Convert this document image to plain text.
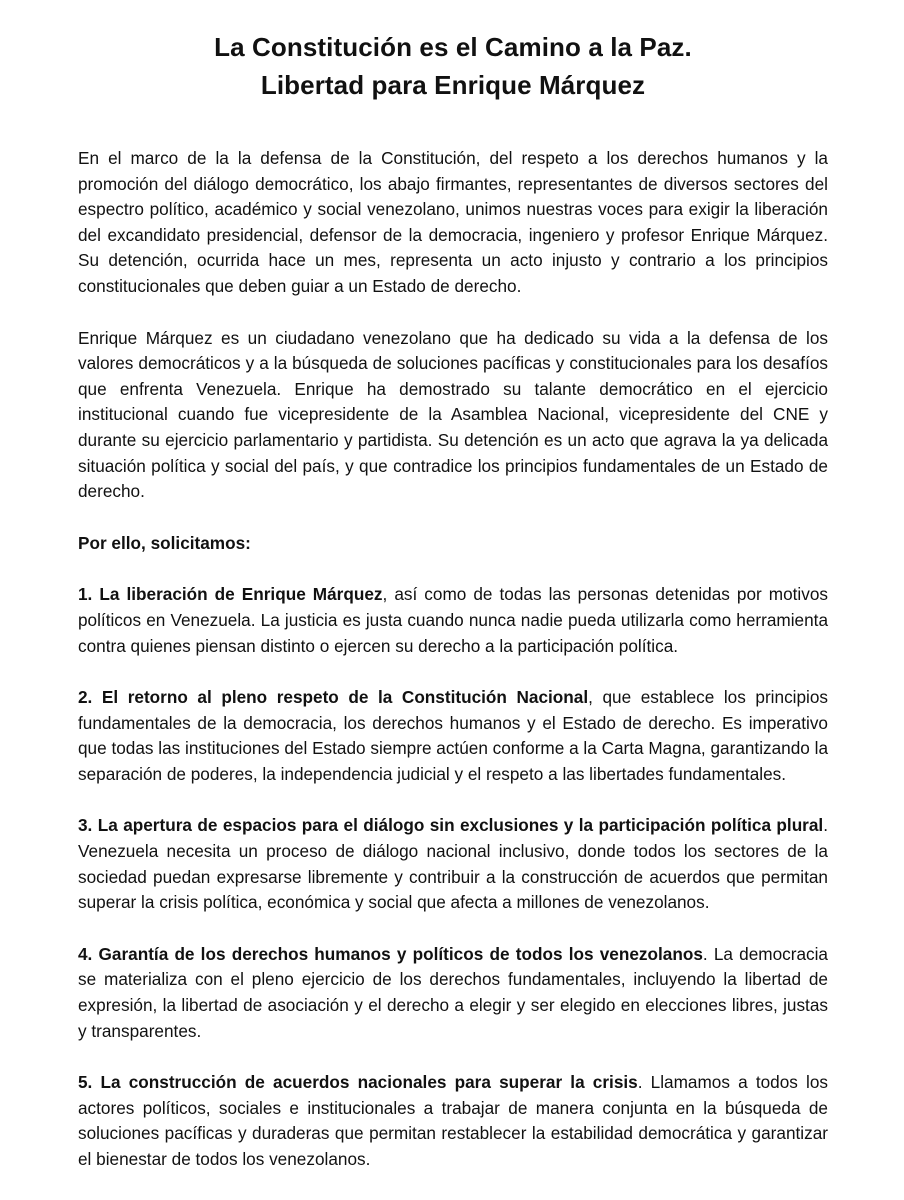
La Constitución es el Camino a la Paz.
Libertad para Enrique Márquez

En el marco de la la defensa de la Constitución, del respeto a los derechos humanos y la promoción del diálogo democrático, los abajo firmantes, representantes de diversos sectores del espectro político, académico y social venezolano, unimos nuestras voces para exigir la liberación del excandidato presidencial, defensor de la democracia, ingeniero y profesor Enrique Márquez. Su detención, ocurrida hace un mes, representa un acto injusto y contrario a los principios constitucionales que deben guiar a un Estado de derecho.

Enrique Márquez es un ciudadano venezolano que ha dedicado su vida a la defensa de los valores democráticos y a la búsqueda de soluciones pacíficas y constitucionales para los desafíos que enfrenta Venezuela. Enrique ha demostrado su talante democrático en el ejercicio institucional cuando fue vicepresidente de la Asamblea Nacional, vicepresidente del CNE y durante su ejercicio parlamentario y partidista. Su detención es un acto que agrava la ya delicada situación política y social del país, y que contradice los principios fundamentales de un Estado de derecho.

Por ello, solicitamos:

1. La liberación de Enrique Márquez, así como de todas las personas detenidas por motivos políticos en Venezuela. La justicia es justa cuando nunca nadie pueda utilizarla como herramienta contra quienes piensan distinto o ejercen su derecho a la participación política.

2. El retorno al pleno respeto de la Constitución Nacional, que establece los principios fundamentales de la democracia, los derechos humanos y el Estado de derecho. Es imperativo que todas las instituciones del Estado siempre actúen conforme a la Carta Magna, garantizando la separación de poderes, la independencia judicial y el respeto a las libertades fundamentales.

3. La apertura de espacios para el diálogo sin exclusiones y la participación política plural. Venezuela necesita un proceso de diálogo nacional inclusivo, donde todos los sectores de la sociedad puedan expresarse libremente y contribuir a la construcción de acuerdos que permitan superar la crisis política, económica y social que afecta a millones de venezolanos.

4. Garantía de los derechos humanos y políticos de todos los venezolanos. La democracia se materializa con el pleno ejercicio de los derechos fundamentales, incluyendo la libertad de expresión, la libertad de asociación y el derecho a elegir y ser elegido en elecciones libres, justas y transparentes.

5. La construcción de acuerdos nacionales para superar la crisis. Llamamos a todos los actores políticos, sociales e institucionales a trabajar de manera conjunta en la búsqueda de soluciones pacíficas y duraderas que permitan restablecer la estabilidad democrática y garantizar el bienestar de todos los venezolanos.
